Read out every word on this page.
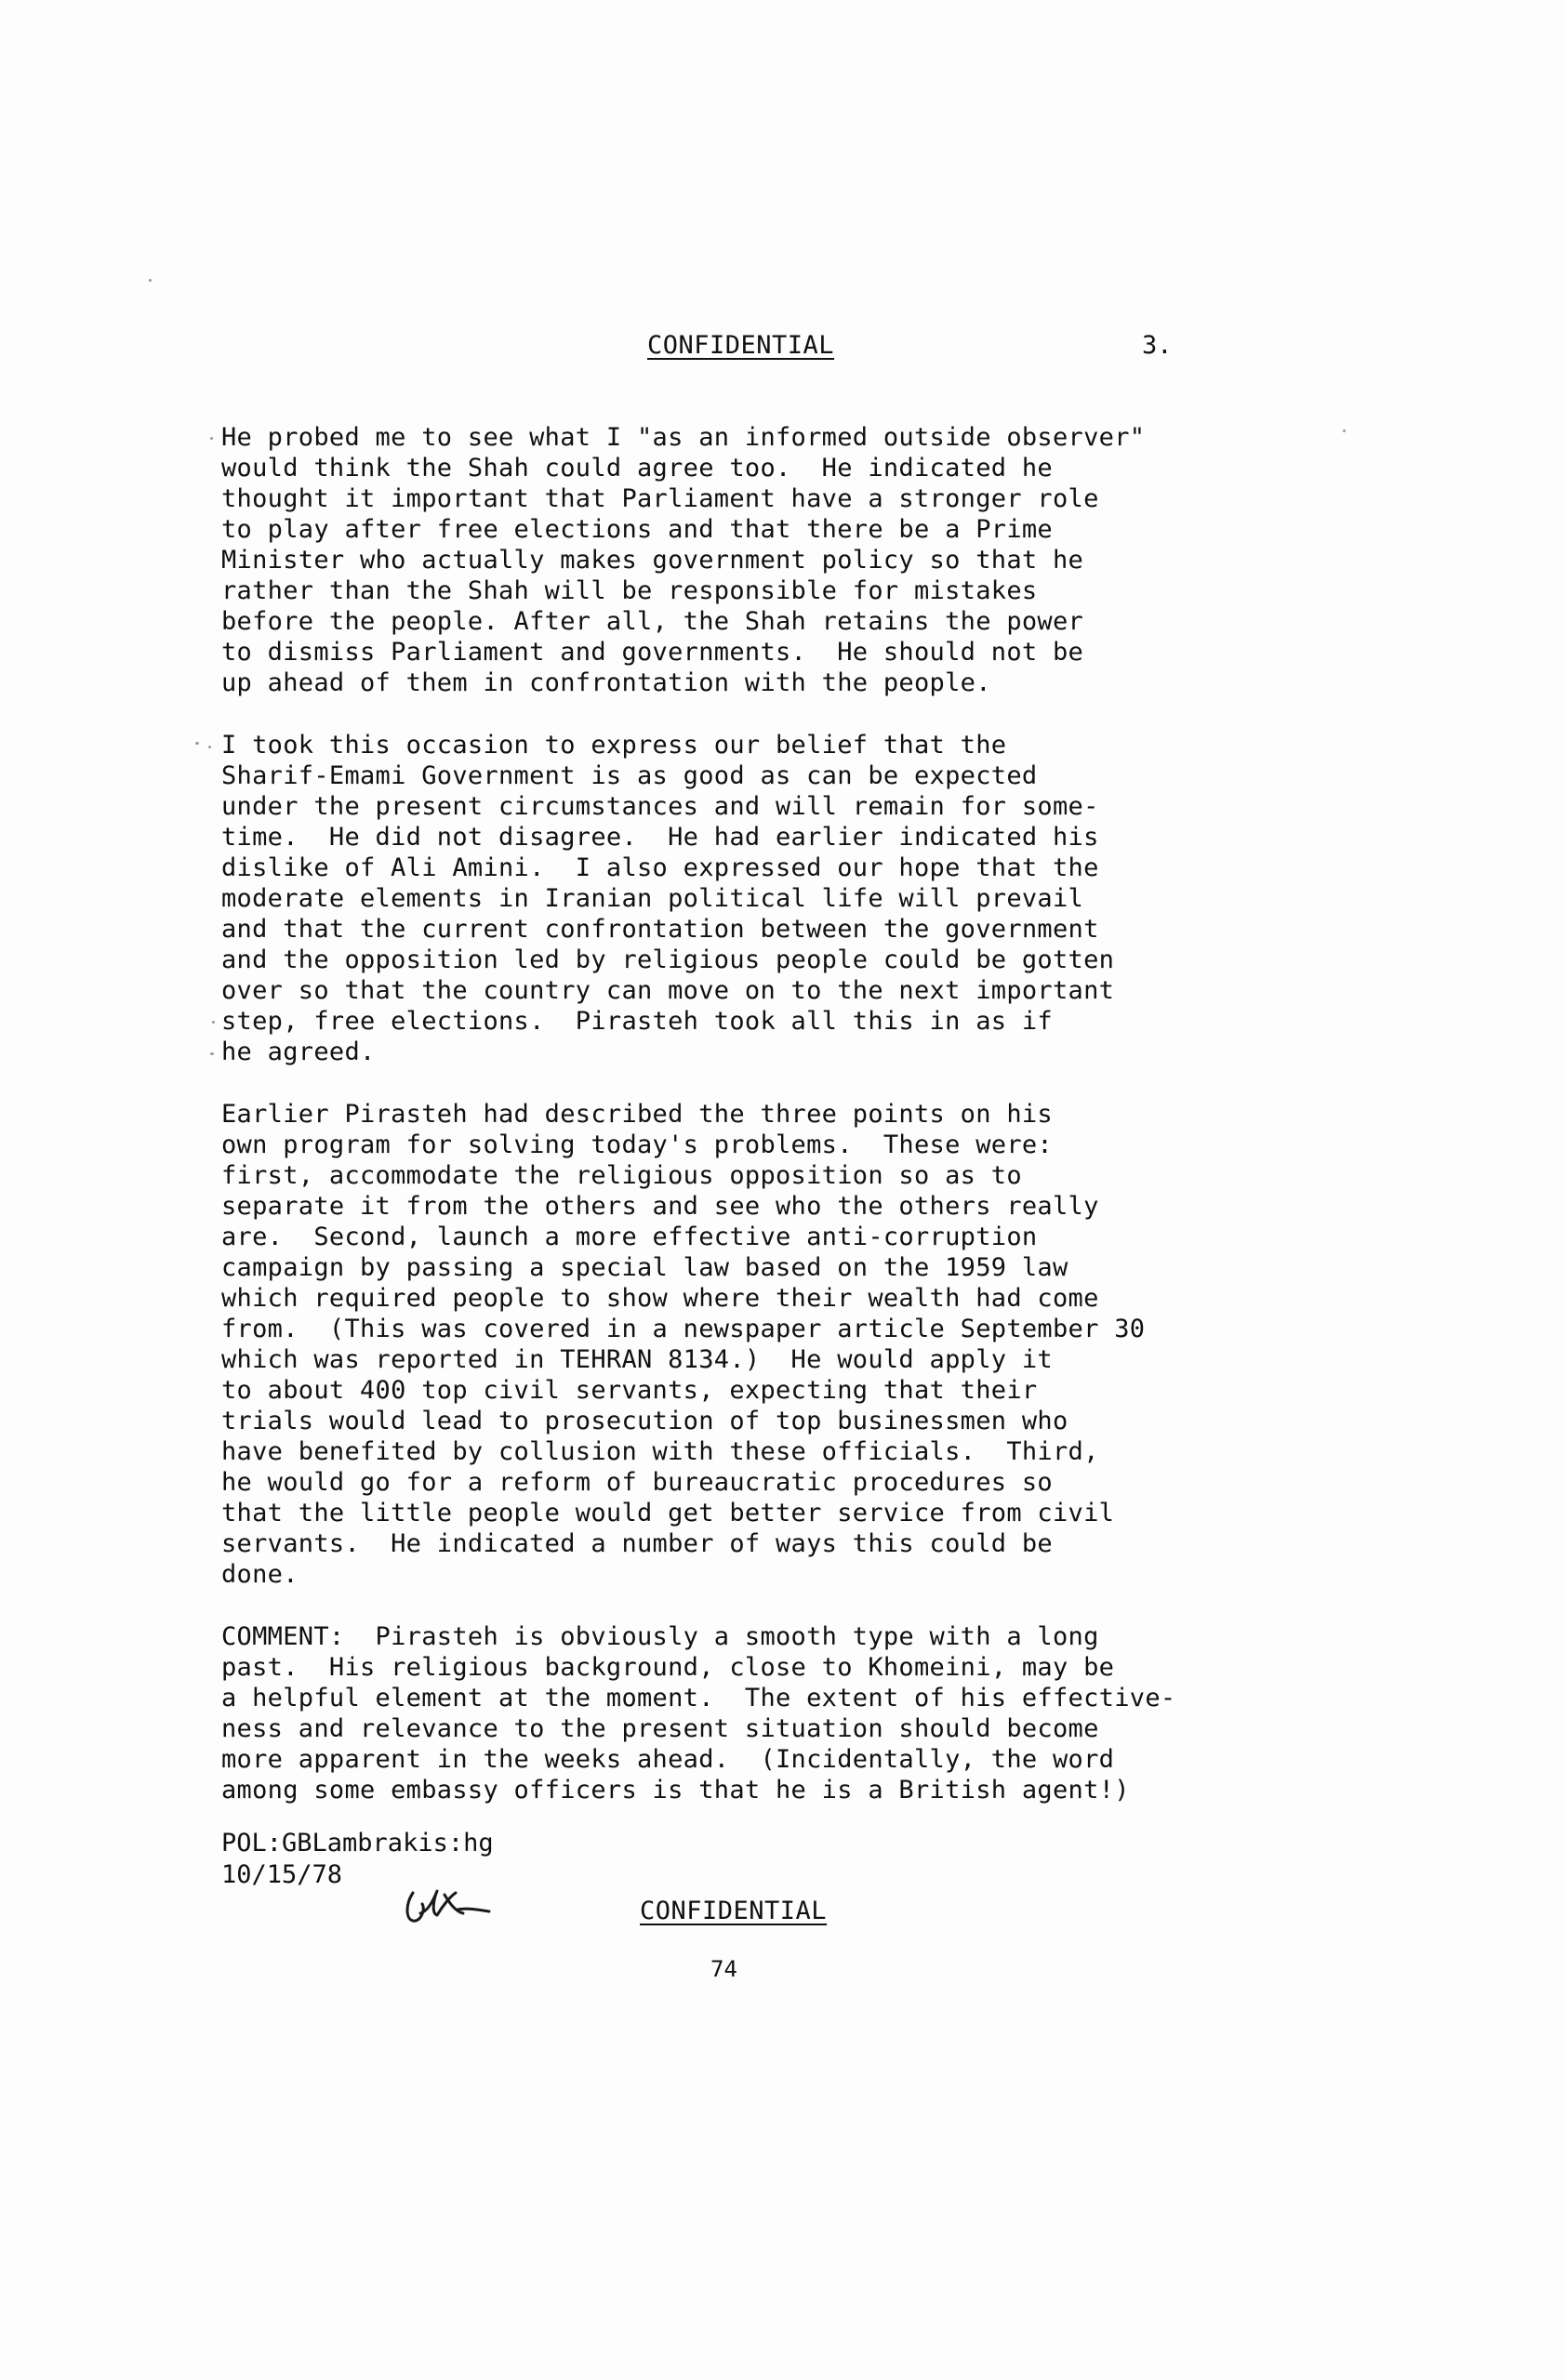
CONFIDENTIAL	3.
He probed me to see what I "as an informed outside observer"
would think the Shah could agree too.  He indicated he
thought it important that Parliament have a stronger role
to play after free elections and that there be a Prime
Minister who actually makes government policy so that he
rather than the Shah will be responsible for mistakes
before the people. After all, the Shah retains the power
to dismiss Parliament and governments.  He should not be
up ahead of them in confrontation with the people.
I took this occasion to express our belief that the
Sharif-Emami Government is as good as can be expected
under the present circumstances and will remain for some-
time.  He did not disagree.  He had earlier indicated his
dislike of Ali Amini.  I also expressed our hope that the
moderate elements in Iranian political life will prevail
and that the current confrontation between the government
and the opposition led by religious people could be gotten
over so that the country can move on to the next important
step, free elections.  Pirasteh took all this in as if
he agreed.
Earlier Pirasteh had described the three points on his
own program for solving today's problems.  These were:
first, accommodate the religious opposition so as to
separate it from the others and see who the others really
are.  Second, launch a more effective anti-corruption
campaign by passing a special law based on the 1959 law
which required people to show where their wealth had come
from.  (This was covered in a newspaper article September 30
which was reported in TEHRAN 8134.)  He would apply it
to about 400 top civil servants, expecting that their
trials would lead to prosecution of top businessmen who
have benefited by collusion with these officials.  Third,
he would go for a reform of bureaucratic procedures so
that the little people would get better service from civil
servants.  He indicated a number of ways this could be
done.
COMMENT:  Pirasteh is obviously a smooth type with a long
past.  His religious background, close to Khomeini, may be
a helpful element at the moment.  The extent of his effective-
ness and relevance to the present situation should become
more apparent in the weeks ahead.  (Incidentally, the word
among some embassy officers is that he is a British agent!)
POL:GBLambrakis:hg
10/15/78
CONFIDENTIAL
74
